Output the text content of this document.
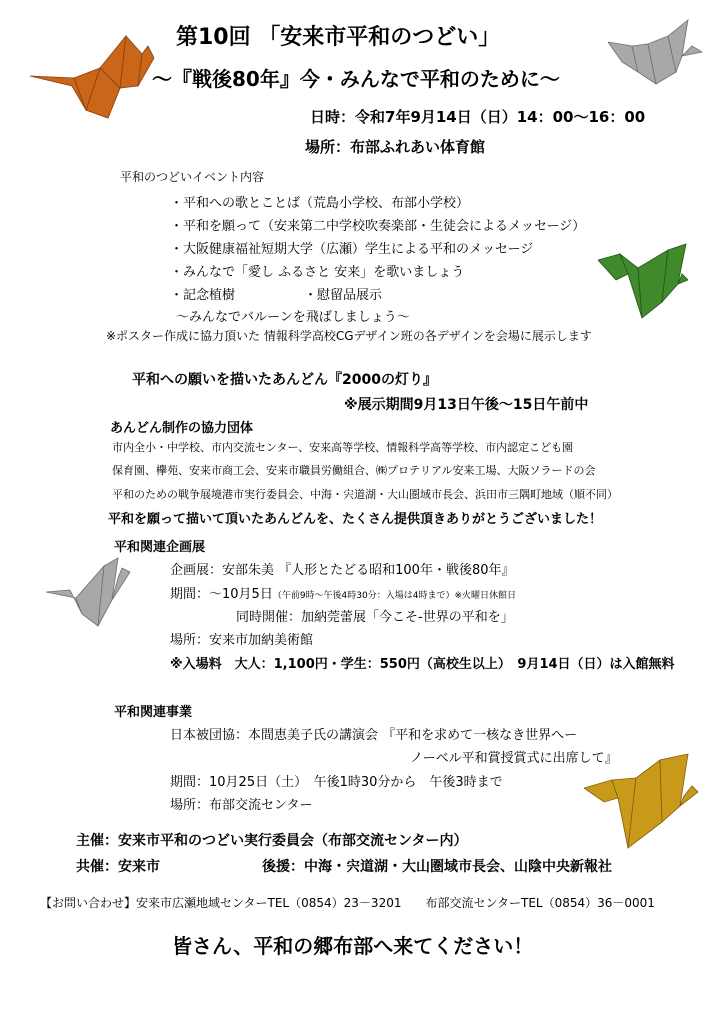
第10回 「安来市平和のつどい」
～『戦後80年』今・みんなで平和のために～
日時：令和7年9月14日（日）14：00～16：00
場所：布部ふれあい体育館
平和のつどいイベント内容
・平和への歌とことば（荒島小学校、布部小学校）
・平和を願って（安来第二中学校吹奏楽部・生徒会によるメッセージ）
・大阪健康福祉短期大学（広瀬）学生による平和のメッセージ
・みんなで「愛し ふるさと 安来」を歌いましょう
・記念植樹	・慰留品展示
～みんなでバルーンを飛ばしましょう～
※ポスター作成に協力頂いた 情報科学高校CGデザイン班の各デザインを会場に展示します
平和への願いを描いたあんどん『2000の灯り』
※展示期間9月13日午後～15日午前中
あんどん制作の協力団体
市内全小・中学校、市内交流センター、安来高等学校、情報科学高等学校、市内認定こども園
保育園、欅苑、安来市商工会、安来市職員労働組合、㈱プロテリアル安来工場、大阪ソラードの会
平和のための戦争展境港市実行委員会、中海・宍道湖・大山圏域市長会、浜田市三隅町地域（順不同）
平和を願って描いて頂いたあんどんを、たくさん提供頂きありがとうございました！
平和関連企画展
企画展：安部朱美 『人形とたどる昭和100年・戦後80年』
期間：～10月5日（午前9時～午後4時30分：入場は4時まで）※火曜日休館日
同時開催：加納莞蕾展「今こそ-世界の平和を」
場所：安来市加納美術館
※入場料　大人：1,100円・学生：550円（高校生以上）　9月14日（日）は入館無料
平和関連事業
日本被団協：本間恵美子氏の講演会 『平和を求めて一核なき世界へー
ノーベル平和賞授賞式に出席して』
期間：10月25日（土）　午後1時30分から　午後3時まで
場所：布部交流センター
主催：安来市平和のつどい実行委員会（布部交流センター内）
共催：安来市	後援：中海・宍道湖・大山圏域市長会、山陰中央新報社
【お問い合わせ】安来市広瀬地域センターTEL（0854）23－3201　　布部交流センターTEL（0854）36－0001
皆さん、平和の郷布部へ来てください！
